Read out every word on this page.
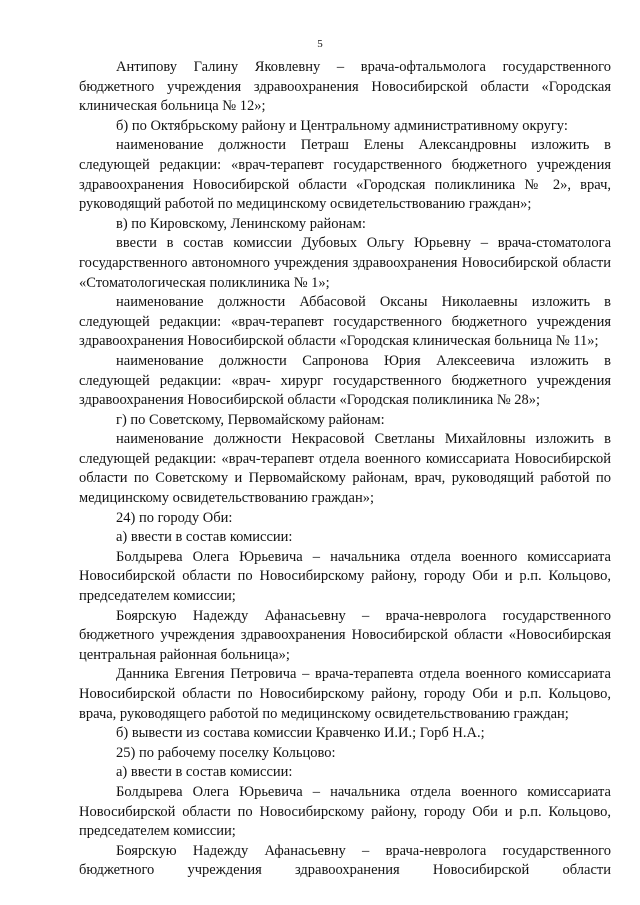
5

Антипову Галину Яковлевну – врача-офтальмолога государственного бюджетного учреждения здравоохранения Новосибирской области «Городская клиническая больница № 12»;

б) по Октябрьскому району и Центральному административному округу:

наименование должности Петраш Елены Александровны изложить в следующей редакции: «врач-терапевт государственного бюджетного учреждения здравоохранения Новосибирской области «Городская поликлиника № 2», врач, руководящий работой по медицинскому освидетельствованию граждан»;

в) по Кировскому, Ленинскому районам:

ввести в состав комиссии Дубовых Ольгу Юрьевну – врача-стоматолога государственного автономного учреждения здравоохранения Новосибирской области «Стоматологическая поликлиника № 1»;

наименование должности Аббасовой Оксаны Николаевны изложить в следующей редакции: «врач-терапевт государственного бюджетного учреждения здравоохранения Новосибирской области «Городская клиническая больница № 11»;

наименование должности Сапронова Юрия Алексеевича изложить в следующей редакции: «врач- хирург государственного бюджетного учреждения здравоохранения Новосибирской области «Городская поликлиника № 28»;

г) по Советскому, Первомайскому районам:

наименование должности Некрасовой Светланы Михайловны изложить в следующей редакции: «врач-терапевт отдела военного комиссариата Новосибирской области по Советскому и Первомайскому районам, врач, руководящий работой по медицинскому освидетельствованию граждан»;

24) по городу Оби:

а) ввести в состав комиссии:

Болдырева Олега Юрьевича – начальника отдела военного комиссариата Новосибирской области по Новосибирскому району, городу Оби и р.п. Кольцово, председателем комиссии;

Боярскую Надежду Афанасьевну – врача-невролога государственного бюджетного учреждения здравоохранения Новосибирской области «Новосибирская центральная районная больница»;

Данника Евгения Петровича – врача-терапевта отдела военного комиссариата Новосибирской области по Новосибирскому району, городу Оби и р.п. Кольцово, врача, руководящего работой по медицинскому освидетельствованию граждан;

б) вывести из состава комиссии Кравченко И.И.; Горб Н.А.;

25) по рабочему поселку Кольцово:

а) ввести в состав комиссии:

Болдырева Олега Юрьевича – начальника отдела военного комиссариата Новосибирской области по Новосибирскому району, городу Оби и р.п. Кольцово, председателем комиссии;

Боярскую Надежду Афанасьевну – врача-невролога государственного бюджетного учреждения здравоохранения Новосибирской области
